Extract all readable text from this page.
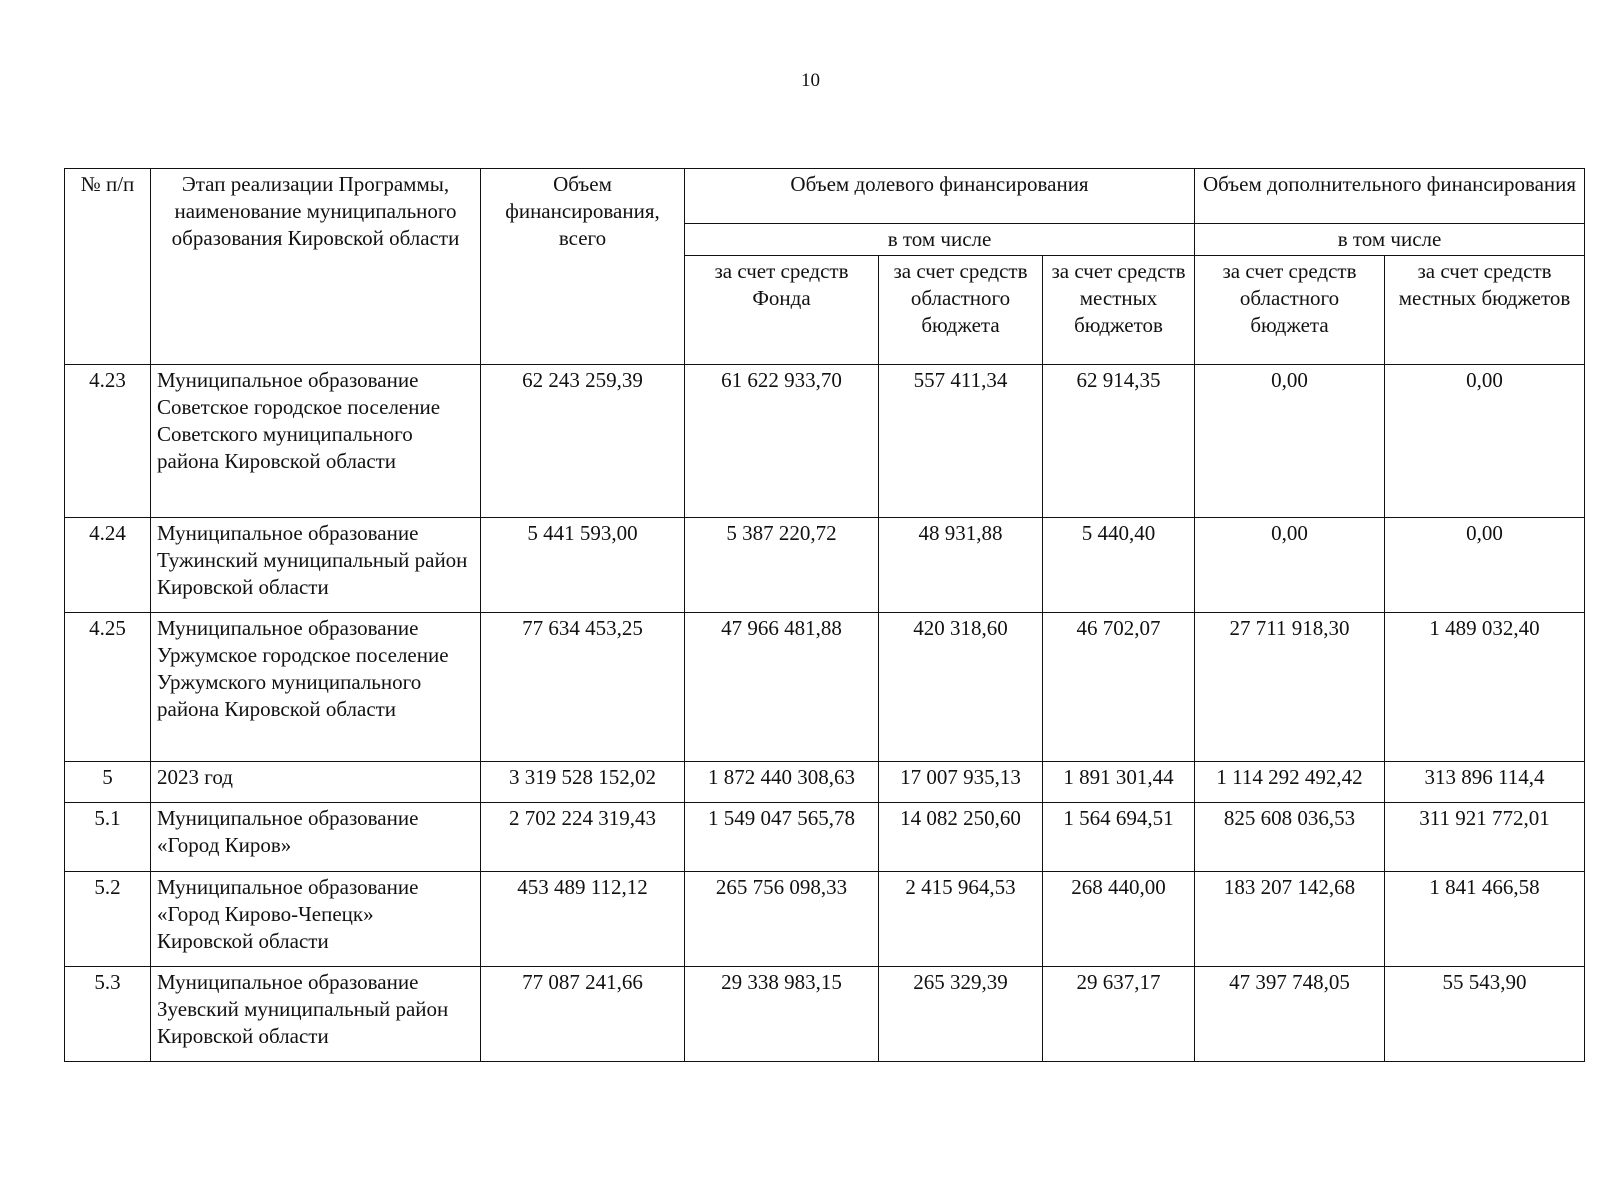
10
№ п/п	Этап реализации Программы, наименование муниципального образования Кировской области	Объем финансирования, всего	Объем долевого финансирования			Объем дополнительного финансирования	
			в том числе			в том числе	
			за счет средств Фонда	за счет средств областного бюджета	за счет средств местных бюджетов	за счет средств областного бюджета	за счет средств местных бюджетов
4.23	Муниципальное образование Советское городское поселение Советского муниципального района Кировской области	62 243 259,39	61 622 933,70	557 411,34	62 914,35	0,00	0,00
4.24	Муниципальное образование Тужинский муниципальный район Кировской области	5 441 593,00	5 387 220,72	48 931,88	5 440,40	0,00	0,00
4.25	Муниципальное образование Уржумское городское поселение Уржумского муниципального района Кировской области	77 634 453,25	47 966 481,88	420 318,60	46 702,07	27 711 918,30	1 489 032,40
5	2023 год	3 319 528 152,02	1 872 440 308,63	17 007 935,13	1 891 301,44	1 114 292 492,42	313 896 114,4
5.1	Муниципальное образование «Город Киров»	2 702 224 319,43	1 549 047 565,78	14 082 250,60	1 564 694,51	825 608 036,53	311 921 772,01
5.2	Муниципальное образование «Город Кирово-Чепецк» Кировской области	453 489 112,12	265 756 098,33	2 415 964,53	268 440,00	183 207 142,68	1 841 466,58
5.3	Муниципальное образование Зуевский муниципальный район Кировской области	77 087 241,66	29 338 983,15	265 329,39	29 637,17	47 397 748,05	55 543,90
